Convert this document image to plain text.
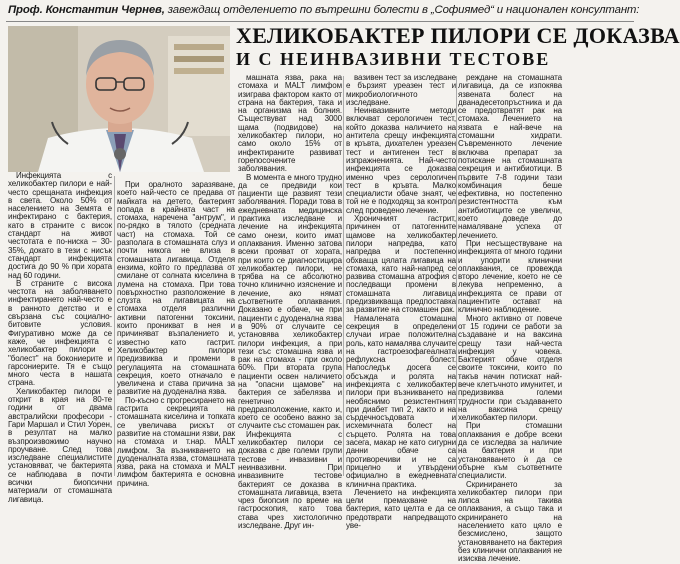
Проф. Константин Чернев, завеждащ отделението по вътрешни болести в „Софиямед“ и национален консултант:
ХЕЛИКОБАКТЕР ПИЛОРИ СЕ ДОКАЗВА
И С НЕИНВАЗИВНИ ТЕСТОВЕ

Инфекцията с хеликобактер пилори е най-често срещаната инфекция в света. Около 50% от населението на Земята е инфектирано с бактерия, като в страните с висок стандарт на живот честотата е по-ниска – 30-35%, докато в тези с нисък стандарт инфекцията достига до 90 % при хората над 60 години.

В страните с висока честота на заболяването инфектирането най-често е в ранното детство и е свързана със социално-битовите условия. Фигуративно може да се каже, че инфекцията с хеликобактер пилори е "болест" на бокониерите и гарсониерите. Тя е също много честа в нашата страна.

Хеликобактер пилори е открит в края на 80-те години от двама австралийски професори - Гари Маршал и Стил Уорен, в резултат на малко възпроизвожимо научно проучване. След това изследване специалистите установяват, че бактерията се наблюдава в почти всички биопсични материали от стомашната лигавица.

При оралното заразяване, което най-често се предава от майката на детето, бактерият попада в крайната част на стомаха, наречена "антрум", и по-рядко в тялото (средната част) на стомаха. Той се разполага в стомашната слуз и почти никога не влиза в стомашната лигавица. Отделя ензима, който го предпазва от смилане от солната киселина в лумена на стомаха. При това повърхностно разположение в слузта на лигавицата на стомаха отделя различни активни патогенни токсини, които проникват в нея и причиняват възпалението и, известно като гастрит. Хеликобактер пилори предизвиква и промени в регулацията на стомашната секреция, което отначало е увеличена и става причина за развитие на дуоденална язва.

По-късно с прогресирането на гастрита секрецията на стомашната киселина и топката се увеличава рискът от развитие на стомашни язви, рак на стомаха и т.нар. MALT лимфом. За възникването на дуоденалната язва, стомашната язва, рака на стомаха и MALT лимфом бактерията е основна причина.

машната язва, рака на стомаха и MALT лимфом изиграва фактором както от страна на бактерия, така и на организма на болния. Съществуват над 3000 щама (подвидове) на хеликобактер пилори, но само около 15% от инфектираните развиват горепосочените заболявания.

В момента е много трудно да се предвиди кои пациенти ще развият тези заболявания. Поради това в ежедневната медицинска практика изследване и лечение на инфекцията само онези, които имат оплаквания. Именно затова всеки прояват от хората, при които се диагностицира хеликобактер пилори, не трябва на се абсолютно точно клинично изяснение и лечение, ако нямат съответните оплаквания. Доказано е обаче, че при пациенти с дуоденална язва в 90% от случаите се установява хеликобактер пилори инфекция, а при тези със стомашна язва и рак на стомаха - при около 60%. При втората група пациенти освен наличието на "опасни щамове" на бактерия се забелязва и генетично предразположение, както и, което се особено важно за случаите със стомашен рак.

Инфекцията с хеликобактер пилори се доказва с две големи групи тестове - инвазивни и неинвазивни. При инвазивните тестове бактерият се доказва в стомашната лигавица, взета чрез биопсия по време на гастроскопия, като това става чрез хистологично изследване. Друг ин-

вазивен тест за изследване е бързият уреазен тест и микробиологичното изследване.

Неинвазивните методи включват серологичен тест, който доказва наличието на антитела срещу инфекцията в кръвта, дихателен уреазен тест и антигенен тест в изпражненията. Най-често инфекцията се доказва именно чрез серологичен тест в кръвта. Малко специалисти обаче знаят, че той не е подходящ за контрол след проведено лечение.

Хроничният гастрит, причинен от патогенните щамове на хеликобактер пилори напредва, като напредва и постепенно обхваща цялата лигавица на стомаха, като най-напред се развива стомашна атрофия с последващи промени в стомашната лигавица предизвикваща предпоставка за развитие на стомашен рак.

Намалената стомашна секреция в определени случаи играе положителна роль, като намалява случаите на гастроезофагеалната рефлуксна болест. Напоследък досега се обсъжда и ролята на инфекцията с хеликобактер пилори при възникването на необяснимо резистентният при диабет тип 2, както и на сърдечносъдовата и исхемичната болест на сърцето. Ролята на това засега, макар не като сигурни данни обаче са противоречиви и не са прицелно и утвърдени официално в ежедневната клинична практика.

Лечението на инфекцията цели премахване на бактерия, като целта е да се предотврати напредващото уве-

реждане на стомашната лигавица, да се изпокява язвената болест на дванадесетопръстника и да се предотвратят рак на стомаха. Лечението на язвата е най-вече на стомашни хидрати. Съвременното лечение включва препарат за потискане на стомашната секреция и антибиотици. В първите 7-8 години тази комбинация беше ефективна, но постепенно резистентността към антибиотиците се увеличи, което доведе до намаляване успеха от лечението.

При несъществуване на инфекцията от много години и упорити клинични оплаквания, се провежда второ лечение, което не се лекува непременно, а инфекцията се прави от пациентите остават на клинично наблюдение.

Много активно от повече от 15 години се работи за създаване и на ваксина срещу тази най-честа инфекция у човека. Бактерият обаче отделя своите токсини, които по такъв начин потискат най-вече клетъчното имунитет, и предизвиква големи трудности при създаването на ваксина срещу хеликобактер пилори.

При стомашни оплаквания е добре всеки да се изследва за наличие на бактерия и при установяването ѝ да се обърне към съответните специалисти.

Скринирането за хеликобактер пилори при липса на такива оплаквания, а също така и скринирането на населението като цяло е безсмислено, защото установяването на бактерия без клинични оплаквания не изисква лечение.
